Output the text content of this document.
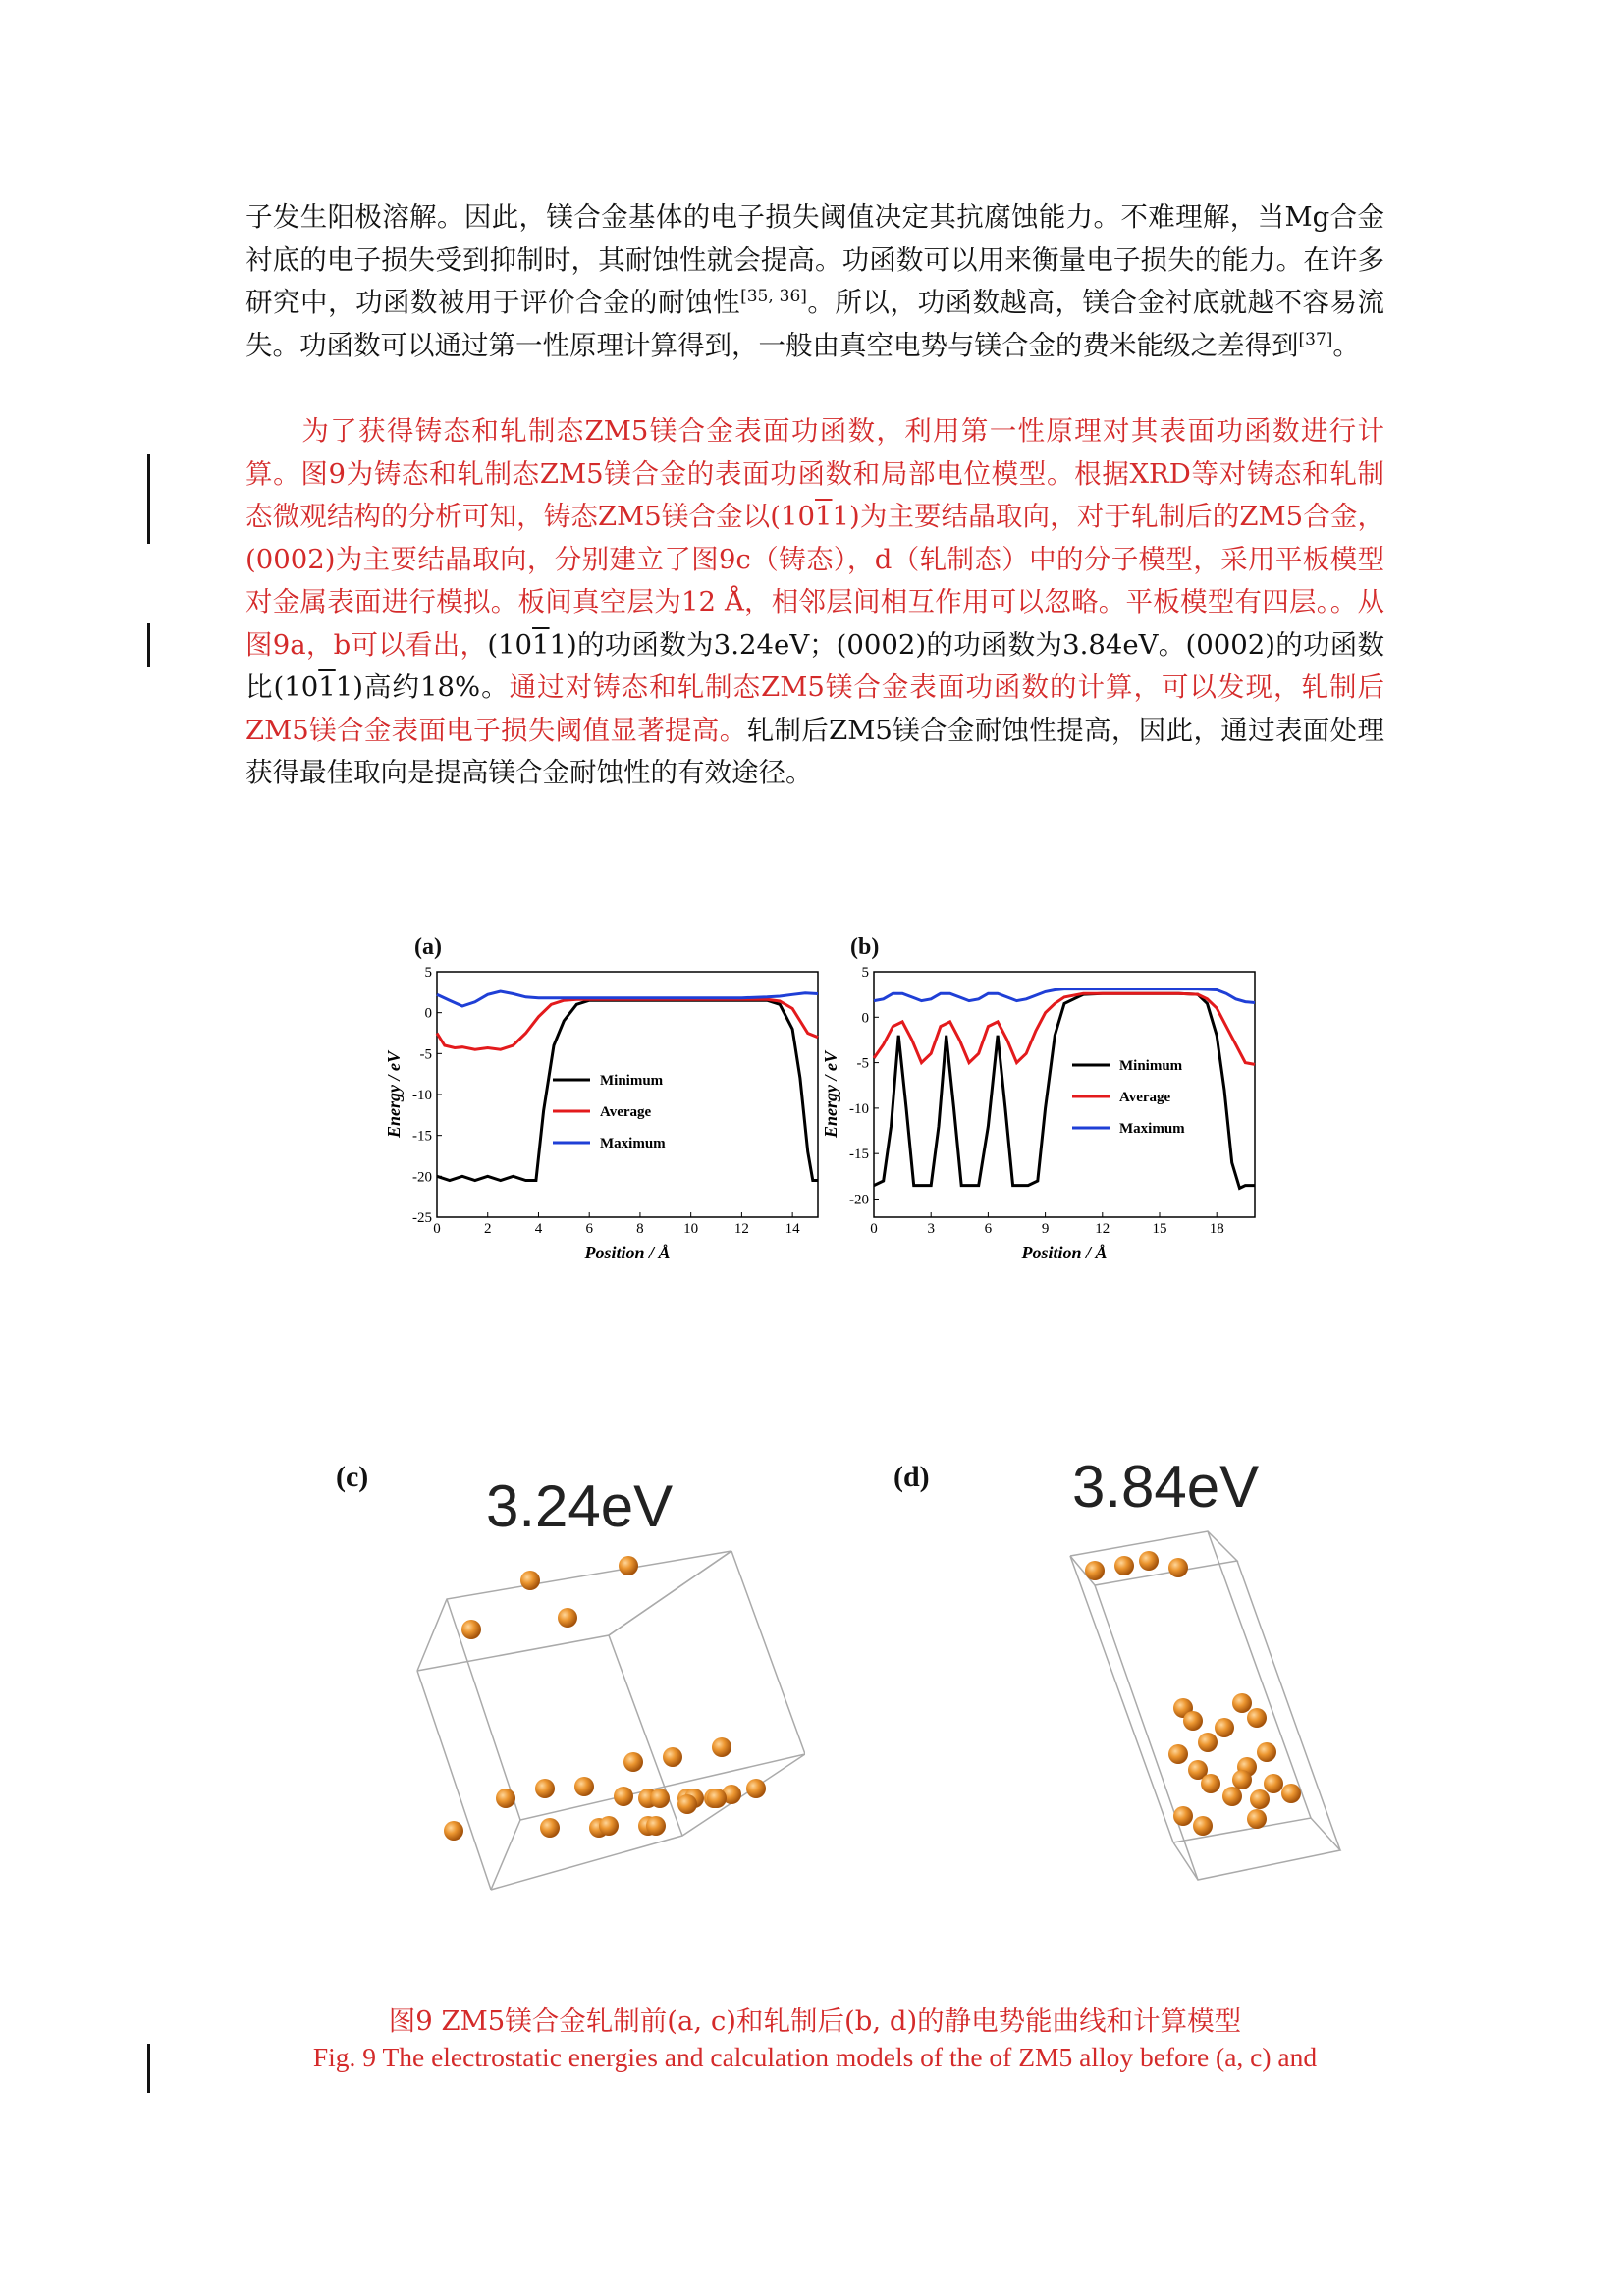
子发生阳极溶解。因此，镁合金基体的电子损失阈值决定其抗腐蚀能力。不难理解，当Mg合金衬底的电子损失受到抑制时，其耐蚀性就会提高。功函数可以用来衡量电子损失的能力。在许多研究中，功函数被用于评价合金的耐蚀性[35, 36]。所以，功函数越高，镁合金衬底就越不容易流失。功函数可以通过第一性原理计算得到，一般由真空电势与镁合金的费米能级之差得到[37]。

为了获得铸态和轧制态ZM5镁合金表面功函数，利用第一性原理对其表面功函数进行计算。图9为铸态和轧制态ZM5镁合金的表面功函数和局部电位模型。根据XRD等对铸态和轧制态微观结构的分析可知，铸态ZM5镁合金以(1011)为主要结晶取向，对于轧制后的ZM5合金，(0002)为主要结晶取向，分别建立了图9c（铸态），d（轧制态）中的分子模型，采用平板模型对金属表面进行模拟。板间真空层为12 Å，相邻层间相互作用可以忽略。平板模型有四层。。从图9a，b可以看出，(1011)的功函数为3.24eV；(0002)的功函数为3.84eV。(0002)的功函数比(1011)高约18%。通过对铸态和轧制态ZM5镁合金表面功函数的计算，可以发现，轧制后ZM5镁合金表面电子损失阈值显著提高。轧制后ZM5镁合金耐蚀性提高，因此，通过表面处理获得最佳取向是提高镁合金耐蚀性的有效途径。

0	2	4	6	8	10 12 14
5
0
-5
-10
-15
-20
-25
Position / Å
Energy / eV	Minimum
Average
Maximum
(a)
0	3	6	9	12	15	18
5
0
-5
-10
-15
-20
Position / Å
Energy / eV	Minimum
Average
Maximum
(b)
(c) 3.24eV	(d) 3.84eV
图9 ZM5镁合金轧制前(a, c)和轧制后(b, d)的静电势能曲线和计算模型
Fig. 9 The electrostatic energies and calculation models of the of ZM5 alloy before (a, c) and
